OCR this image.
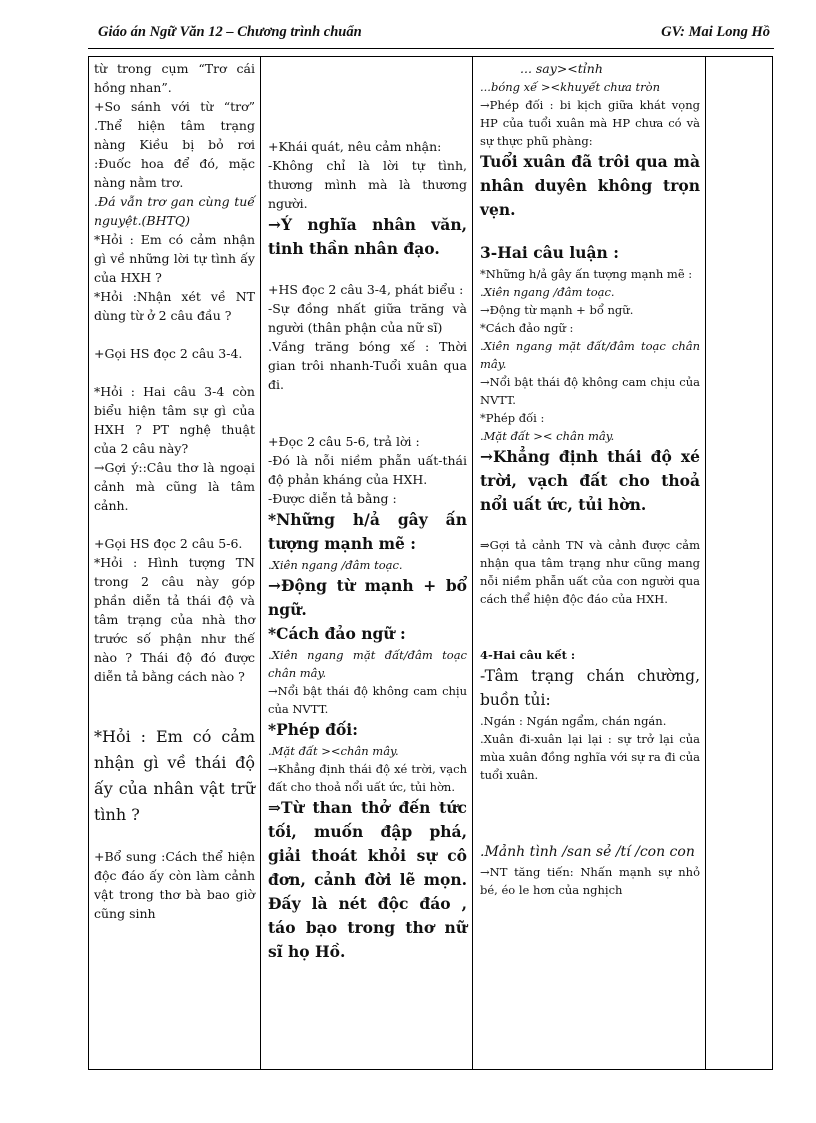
Giáo án Ngữ Văn 12 – Chương trình chuẩn	GV: Mai Long Hồ

từ trong cụm “Trơ cái hồng nhan”.

+So sánh với từ “trơ” .Thể hiện tâm trạng nàng Kiều bị bỏ rơi :Đuốc hoa để đó, mặc nàng nằm trơ.

.Đá vẫn trơ gan cùng tuế nguyệt.(BHTQ)

*Hỏi : Em có cảm nhận gì về những lời tự tình ấy của HXH ?

*Hỏi :Nhận xét về NT dùng từ ở 2 câu đầu ?

+Gọi HS đọc 2 câu 3-4.

*Hỏi : Hai câu 3-4 còn biểu hiện tâm sự gì của HXH ? PT nghệ thuật của 2 câu này?

→Gợi ý::Câu thơ là ngoại cảnh mà cũng là tâm cảnh.

+Gọi HS đọc 2 câu 5-6.

*Hỏi : Hình tượng TN trong 2 câu này góp phần diễn tả thái độ và tâm trạng của nhà thơ trước số phận như thế nào ? Thái độ đó được diễn tả bằng cách nào ?

*Hỏi : Em có cảm nhận gì về thái độ ấy của nhân vật trữ tình ?

+Bổ sung :Cách thể hiện độc đáo ấy còn làm cảnh vật trong thơ bà bao giờ cũng sinh

+Khái quát, nêu cảm nhận:

-Không chỉ là lời tự tình, thương mình mà là thương người.

→Ý nghĩa nhân văn, tinh thần nhân đạo.

+HS đọc 2 câu 3-4, phát biểu :

-Sự đồng nhất giữa trăng và người (thân phận của nữ sĩ)

.Vầng trăng bóng xế : Thời gian trôi nhanh-Tuổi xuân qua đi.

+Đọc 2 câu 5-6, trả lời :

-Đó là nỗi niềm phẫn uất-thái độ phản kháng của HXH.

-Được diễn tả bằng :

*Những h/ả gây ấn tượng mạnh mẽ :

.Xiên ngang /đâm toạc.

→Động từ mạnh + bổ ngữ.

*Cách đảo ngữ :

.Xiên ngang mặt đất/đâm toạc chân mây.

→Nổi bật thái độ không cam chịu của NVTT.

*Phép đối:

.Mặt đất ><chân mây.

→Khẳng định thái độ xé trời, vạch đất cho thoả nổi uất ức, tủi hờn.

⇒Từ than thở đến tức tối, muốn đập phá, giải thoát khỏi sự cô đơn, cảnh đời lẽ mọn. Đấy là nét độc đáo , táo bạo trong thơ nữ sĩ họ Hồ.

... say><tỉnh

...bóng xế ><khuyết chưa tròn

→Phép đối : bi kịch giữa khát vọng HP của tuổi xuân mà HP chưa có và sự thực phũ phàng:

Tuổi xuân đã trôi qua mà nhân duyên không trọn vẹn.

3-Hai câu luận :

*Những h/ả gây ấn tượng mạnh mẽ :

.Xiên ngang /đâm toạc.

→Động từ mạnh + bổ ngữ.

*Cách đảo ngữ :

.Xiên ngang mặt đất/đâm toạc chân mây.

→Nổi bật thái độ không cam chịu của NVTT.

*Phép đối :

.Mặt đất >< chân mây.

→Khẳng định thái độ xé trời, vạch đất cho thoả nổi uất ức, tủi hờn.

⇒Gợi tả cảnh TN và cảnh được cảm nhận qua tâm trạng như cũng mang nỗi niềm phẫn uất của con người qua cách thể hiện độc đáo của HXH.

4-Hai câu kết :

-Tâm trạng chán chường, buồn tủi:

.Ngán : Ngán ngẩm, chán ngán.

.Xuân đi-xuân lại lại : sự trở lại của mùa xuân đồng nghĩa với sự ra đi của tuổi xuân.

.Mảnh tình /san sẻ /tí /con con

→NT tăng tiến: Nhấn mạnh sự nhỏ bé, éo le hơn của nghịch
